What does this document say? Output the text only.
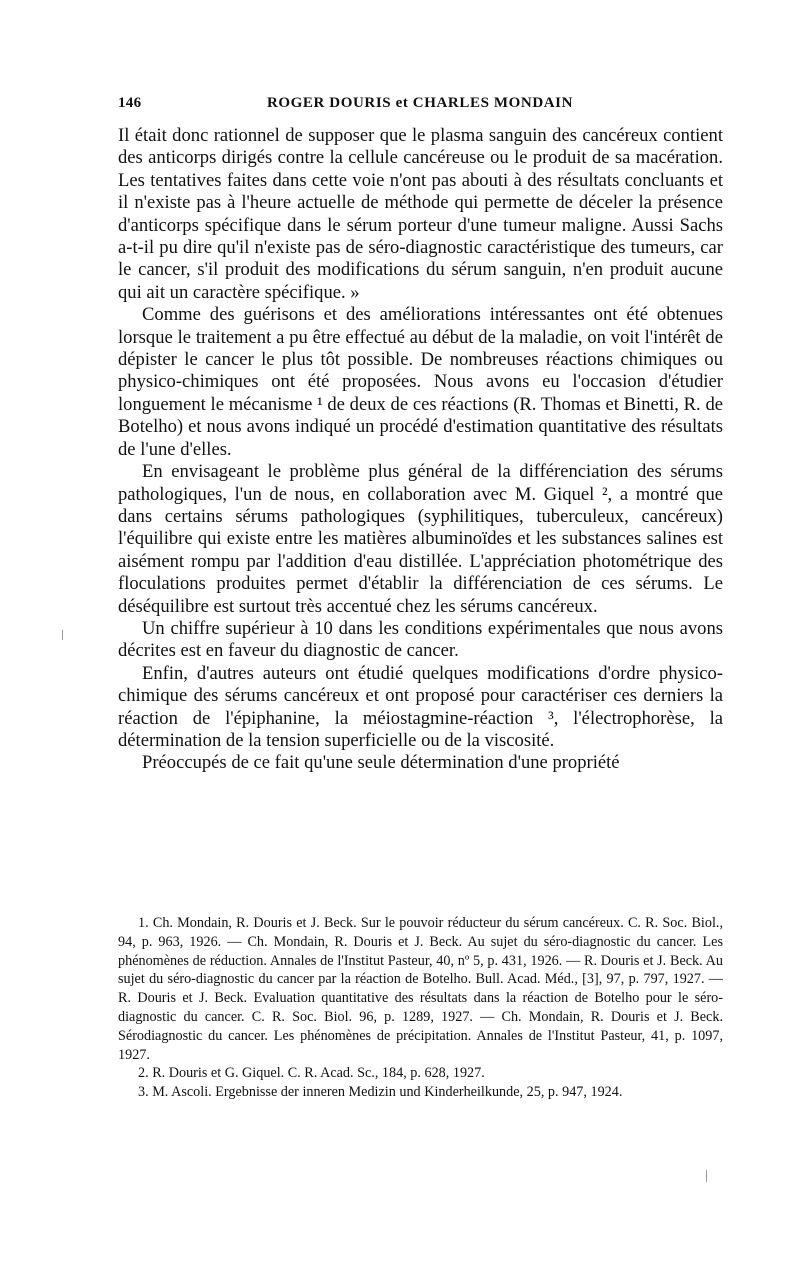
146	ROGER DOURIS et CHARLES MONDAIN

Il était donc rationnel de supposer que le plasma sanguin des cancéreux contient des anticorps dirigés contre la cellule cancéreuse ou le produit de sa macération. Les tentatives faites dans cette voie n'ont pas abouti à des résultats concluants et il n'existe pas à l'heure actuelle de méthode qui permette de déceler la présence d'anticorps spécifique dans le sérum porteur d'une tumeur maligne. Aussi Sachs a-t-il pu dire qu'il n'existe pas de séro-diagnostic caractéristique des tumeurs, car le cancer, s'il produit des modifications du sérum sanguin, n'en produit aucune qui ait un caractère spécifique. »

Comme des guérisons et des améliorations intéressantes ont été obtenues lorsque le traitement a pu être effectué au début de la maladie, on voit l'intérêt de dépister le cancer le plus tôt possible. De nombreuses réactions chimiques ou physico-chimiques ont été proposées. Nous avons eu l'occasion d'étudier longuement le mécanisme ¹ de deux de ces réactions (R. Thomas et Binetti, R. de Botelho) et nous avons indiqué un procédé d'estimation quantitative des résultats de l'une d'elles.

En envisageant le problème plus général de la différenciation des sérums pathologiques, l'un de nous, en collaboration avec M. Giquel ², a montré que dans certains sérums pathologiques (syphilitiques, tuberculeux, cancéreux) l'équilibre qui existe entre les matières albuminoïdes et les substances salines est aisément rompu par l'addition d'eau distillée. L'appréciation photométrique des floculations produites permet d'établir la différenciation de ces sérums. Le déséquilibre est surtout très accentué chez les sérums cancéreux.

Un chiffre supérieur à 10 dans les conditions expérimentales que nous avons décrites est en faveur du diagnostic de cancer.

Enfin, d'autres auteurs ont étudié quelques modifications d'ordre physico-chimique des sérums cancéreux et ont proposé pour caractériser ces derniers la réaction de l'épiphanine, la méiostagmine-réaction ³, l'électrophorèse, la détermination de la tension superficielle ou de la viscosité.

Préoccupés de ce fait qu'une seule détermination d'une propriété

1. Ch. Mondain, R. Douris et J. Beck. Sur le pouvoir réducteur du sérum cancéreux. C. R. Soc. Biol., 94, p. 963, 1926. — Ch. Mondain, R. Douris et J. Beck. Au sujet du séro-diagnostic du cancer. Les phénomènes de réduction. Annales de l'Institut Pasteur, 40, nº 5, p. 431, 1926. — R. Douris et J. Beck. Au sujet du séro-diagnostic du cancer par la réaction de Botelho. Bull. Acad. Méd., [3], 97, p. 797, 1927. — R. Douris et J. Beck. Evaluation quantitative des résultats dans la réaction de Botelho pour le séro-diagnostic du cancer. C. R. Soc. Biol. 96, p. 1289, 1927. — Ch. Mondain, R. Douris et J. Beck. Sérodiagnostic du cancer. Les phénomènes de précipitation. Annales de l'Institut Pasteur, 41, p. 1097, 1927.

2. R. Douris et G. Giquel. C. R. Acad. Sc., 184, p. 628, 1927.

3. M. Ascoli. Ergebnisse der inneren Medizin und Kinderheilkunde, 25, p. 947, 1924.
